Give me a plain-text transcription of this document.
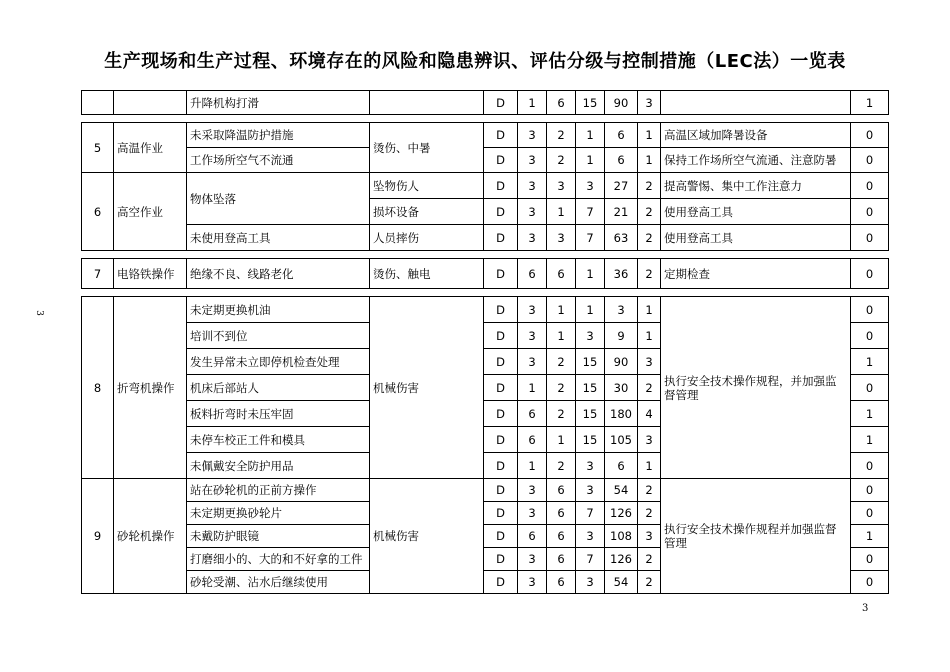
生产现场和生产过程、环境存在的风险和隐患辨识、评估分级与控制措施（LEC法）一览表
3
		升降机构打滑		D	1	6	15	90	3		1

5	高温作业	未采取降温防护措施	烫伤、中暑	D	3	2	1	6	1	高温区域加降暑设备	0
		工作场所空气不流通		D	3	2	1	6	1	保持工作场所空气流通、注意防暑	0
6	高空作业	物体坠落	坠物伤人	D	3	3	3	27	2	提高警惕、集中工作注意力	0
			损坏设备	D	3	1	7	21	2	使用登高工具	0
		未使用登高工具	人员摔伤	D	3	3	7	63	2	使用登高工具	0

7	电铬铁操作	绝缘不良、线路老化	烫伤、触电	D	6	6	1	36	2	定期检查	0

8	折弯机操作	未定期更换机油	机械伤害	D	3	1	1	3	1	执行安全技术操作规程，并加强监督管理	0
		培训不到位		D	3	1	3	9	1		0
		发生异常未立即停机检查处理		D	3	2	15	90	3		1
		机床后部站人		D	1	2	15	30	2		0
		板料折弯时未压牢固		D	6	2	15	180	4		1
		未停车校正工件和模具		D	6	1	15	105	3		1
		未佩戴安全防护用品		D	1	2	3	6	1		0
9	砂轮机操作	站在砂轮机的正前方操作	机械伤害	D	3	6	3	54	2	执行安全技术操作规程并加强监督管理	0
		未定期更换砂轮片		D	3	6	7	126	2		0
		未戴防护眼镜		D	6	6	3	108	3		1
		打磨细小的、大的和不好拿的工件		D	3	6	7	126	2		0
		砂轮受潮、沾水后继续使用		D	3	6	3	54	2		0
3
